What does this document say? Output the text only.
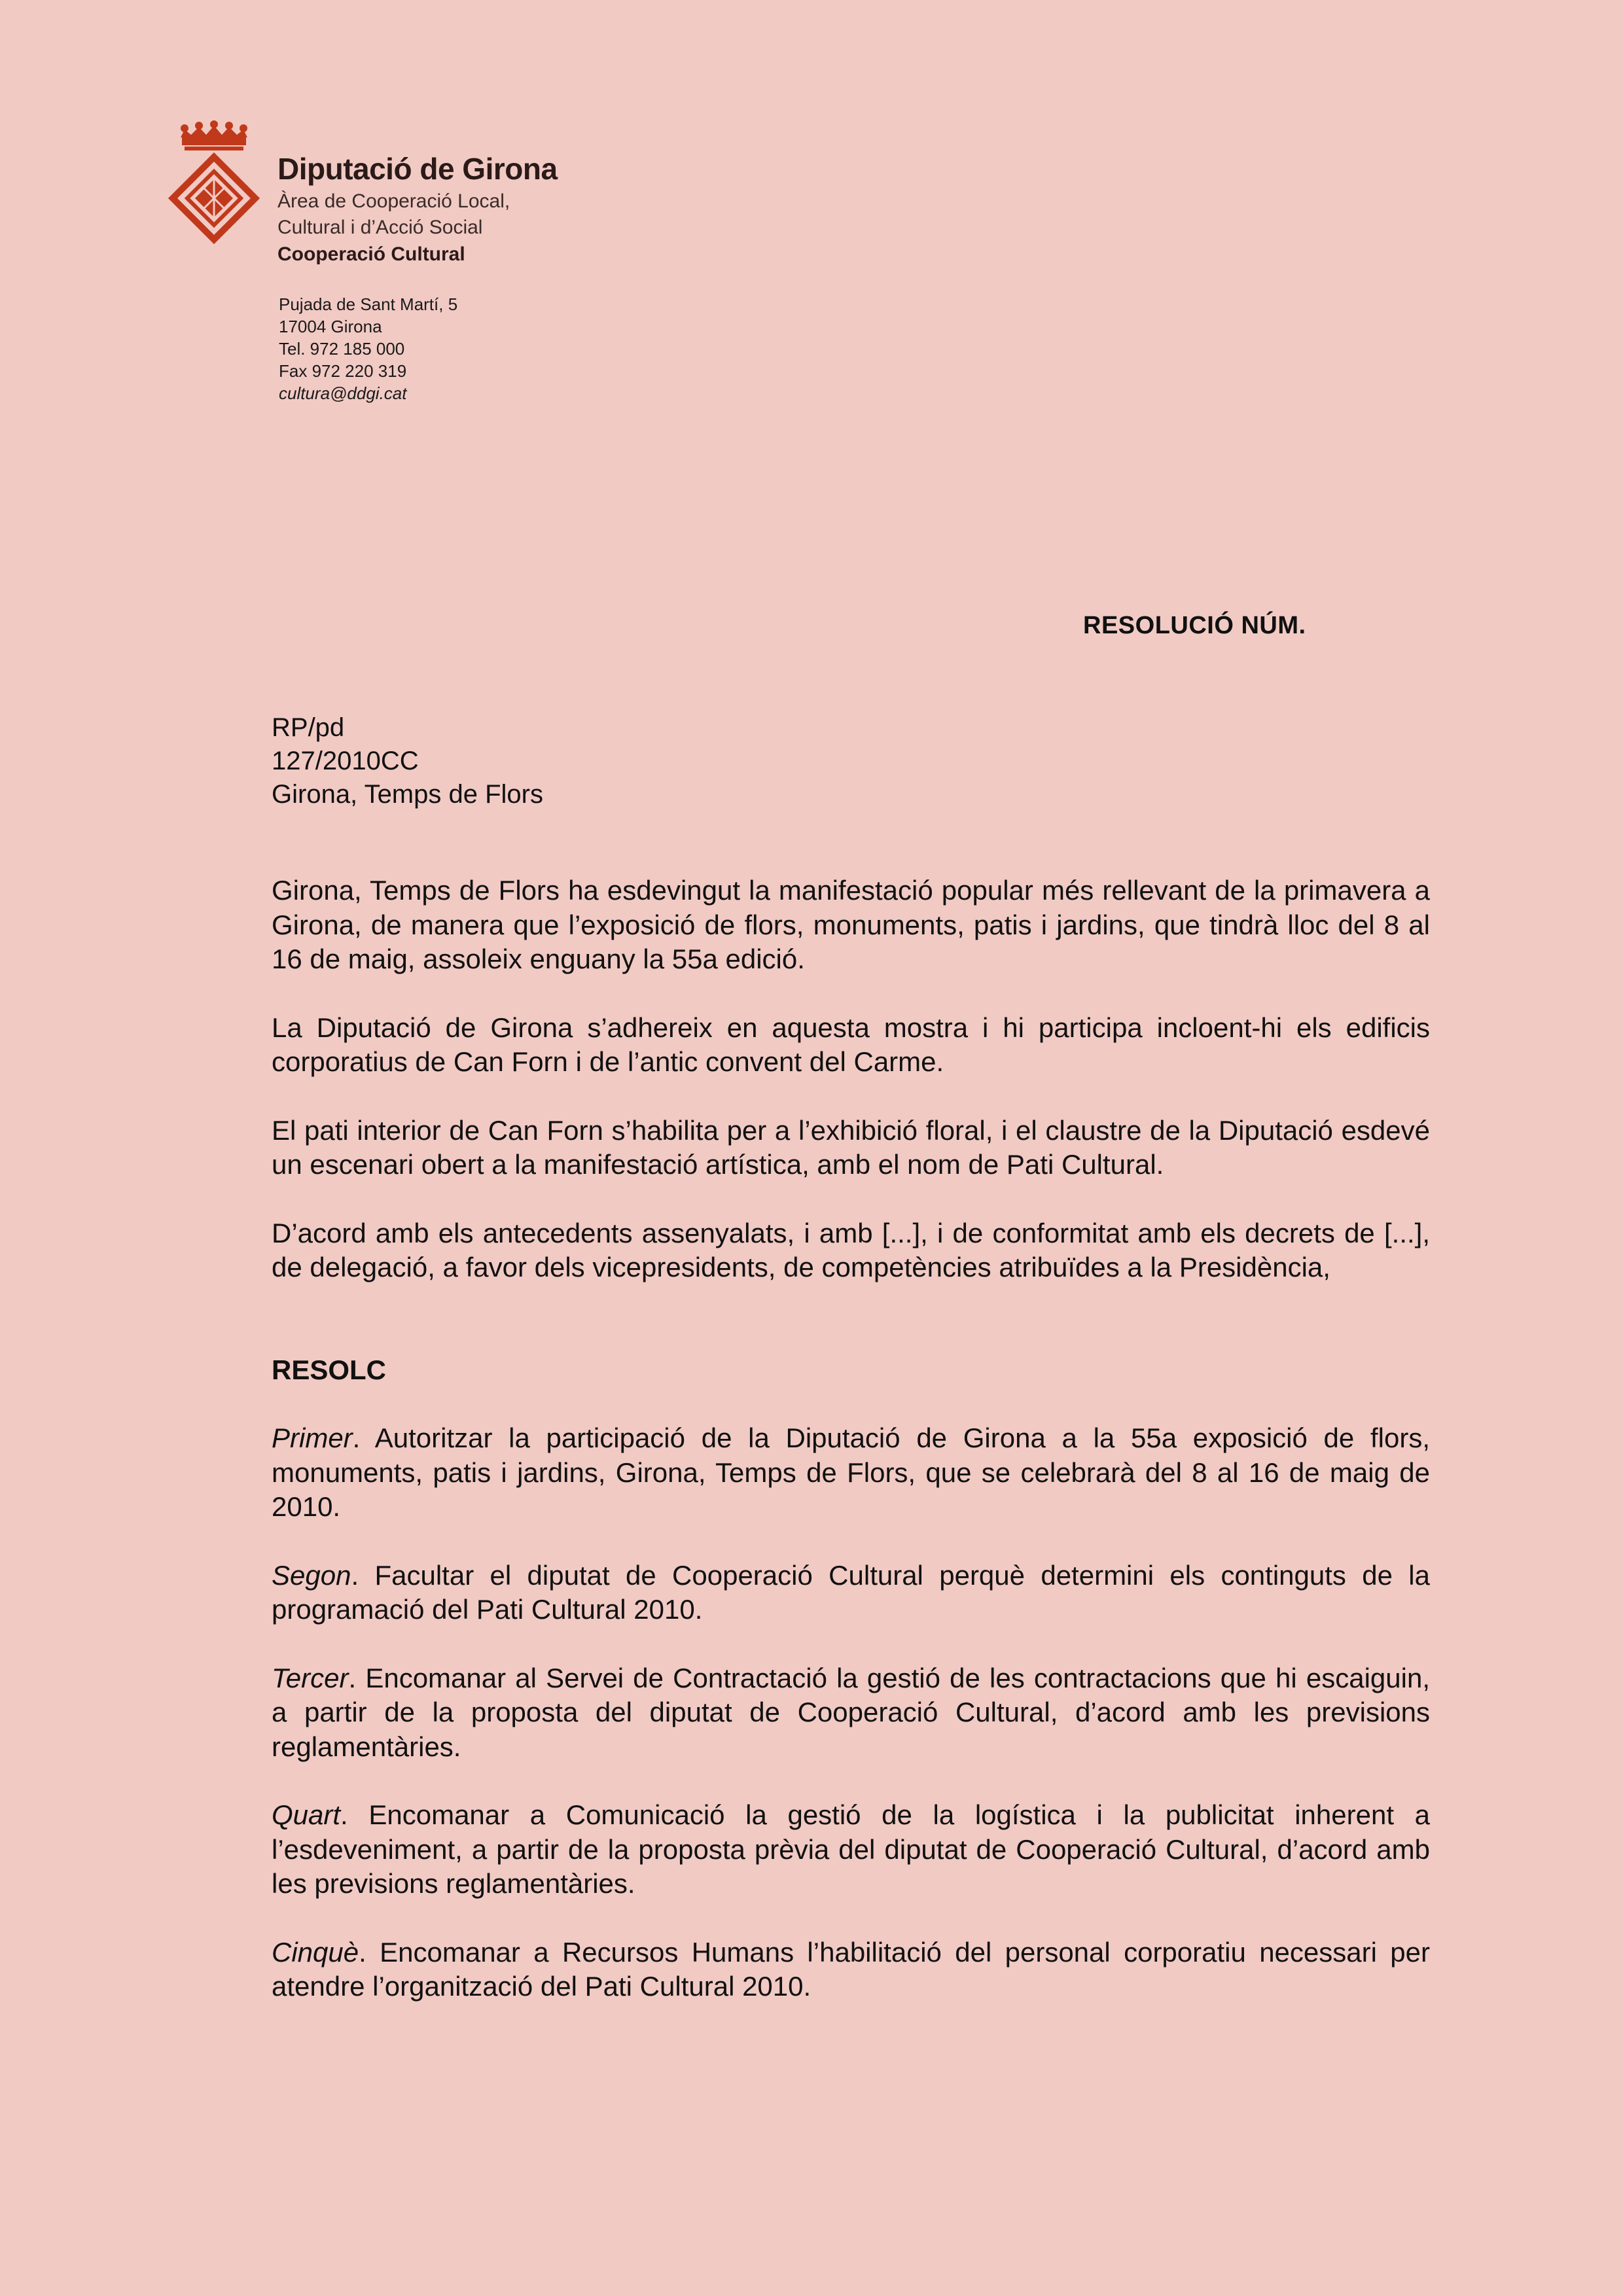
Diputació de Girona
Àrea de Cooperació Local,
Cultural i d’Acció Social
Cooperació Cultural
Pujada de Sant Martí, 5
17004 Girona
Tel. 972 185 000
Fax 972 220 319
cultura@ddgi.cat
RESOLUCIÓ NÚM.
RP/pd
127/2010CC
Girona, Temps de Flors

Girona, Temps de Flors ha esdevingut la manifestació popular més rellevant de la primavera a Girona, de manera que l’exposició de flors, monuments, patis i jardins, que tindrà lloc del 8 al 16 de maig, assoleix enguany la 55a edició.

La Diputació de Girona s’adhereix en aquesta mostra i hi participa incloent-hi els edificis corporatius de Can Forn i de l’antic convent del Carme.

El pati interior de Can Forn s’habilita per a l’exhibició floral, i el claustre de la Diputació esdevé un escenari obert a la manifestació artística, amb el nom de Pati Cultural.

D’acord amb els antecedents assenyalats, i amb [...], i de conformitat amb els decrets de [...], de delegació, a favor dels vicepresidents, de competències atribuïdes a la Presidència,

RESOLC

Primer. Autoritzar la participació de la Diputació de Girona a la 55a exposició de flors, monuments, patis i jardins, Girona, Temps de Flors, que se celebrarà del 8 al 16 de maig de 2010.

Segon. Facultar el diputat de Cooperació Cultural perquè determini els continguts de la programació del Pati Cultural 2010.

Tercer. Encomanar al Servei de Contractació la gestió de les contractacions que hi escaiguin, a partir de la proposta del diputat de Cooperació Cultural, d’acord amb les previsions reglamentàries.

Quart. Encomanar a Comunicació la gestió de la logística i la publicitat inherent a l’esdeveniment, a partir de la proposta prèvia del diputat de Cooperació Cultural, d’acord amb les previsions reglamentàries.

Cinquè. Encomanar a Recursos Humans l’habilitació del personal corporatiu necessari per atendre l’organització del Pati Cultural 2010.
